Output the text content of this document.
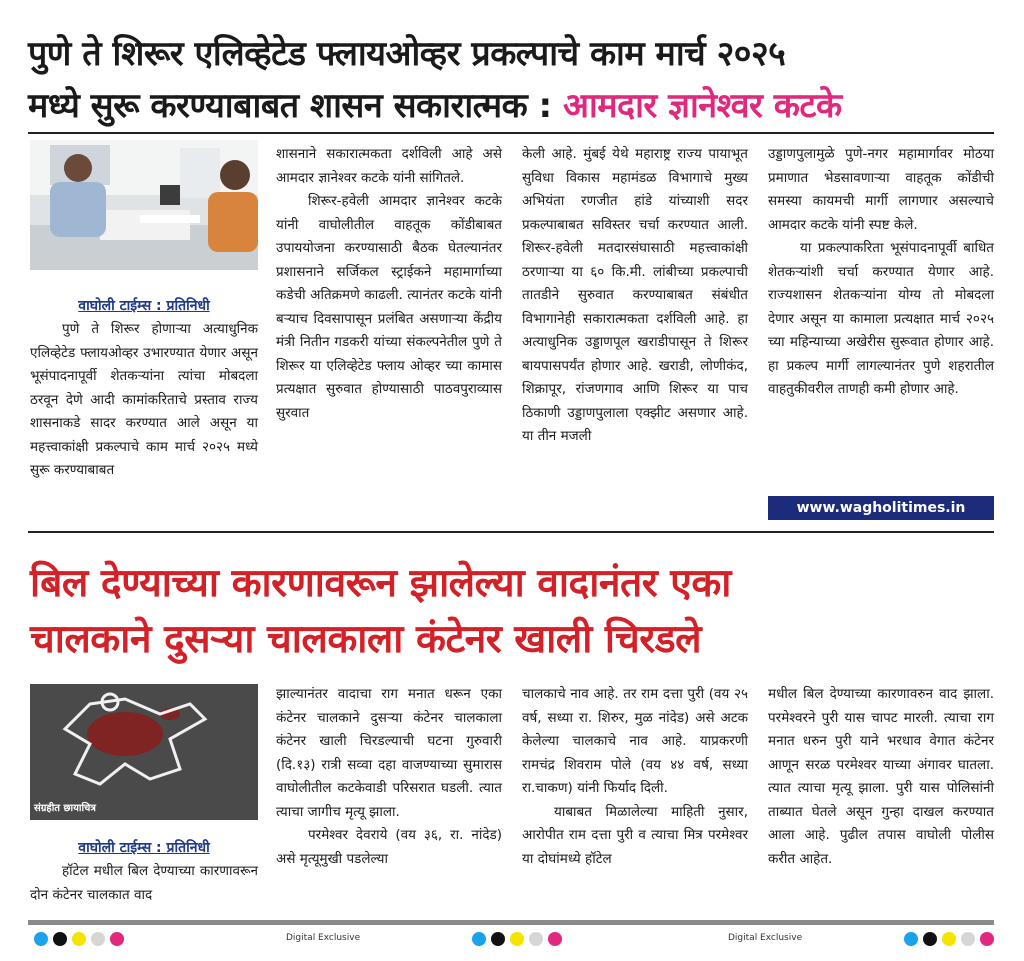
पुणे ते शिरूर एलिव्हेटेड फ्लायओव्हर प्रकल्पाचे काम मार्च २०२५
मध्ये सुरू करण्याबाबत शासन सकारात्मक : आमदार ज्ञानेश्वर कटके
वाघोली टाईम्स : प्रतिनिधी

पुणे ते शिरूर होणाऱ्या अत्याधुनिक एलिव्हेटेड फ्लायओव्हर उभारण्यात येणार असून भूसंपादनापूर्वी शेतकऱ्यांना त्यांचा मोबदला ठरवून देणे आदी कामांकरिताचे प्रस्ताव राज्य शासनाकडे सादर करण्यात आले असून या महत्त्वाकांक्षी प्रकल्पाचे काम मार्च २०२५ मध्ये सुरू करण्याबाबत

शासनाने सकारात्मकता दर्शविली आहे असे आमदार ज्ञानेश्वर कटके यांनी सांगितले.

शिरूर-हवेली आमदार ज्ञानेश्वर कटके यांनी वाघोलीतील वाहतूक कोंडीबाबत उपाययोजना करण्यासाठी बैठक घेतल्यानंतर प्रशासनाने सर्जिकल स्ट्राईकने महामार्गाच्या कडेची अतिक्रमणे काढली. त्यानंतर कटके यांनी बऱ्याच दिवसापासून प्रलंबित असणाऱ्या केंद्रीय मंत्री नितीन गडकरी यांच्या संकल्पनेतील पुणे ते शिरूर या एलिव्हेटेड फ्लाय ओव्हर च्या कामास प्रत्यक्षात सुरुवात होण्यासाठी पाठवपुराव्यास सुरवात

केली आहे. मुंबई येथे महाराष्ट्र राज्य पायाभूत सुविधा विकास महामंडळ विभागाचे मुख्य अभियंता रणजीत हांडे यांच्याशी सदर प्रकल्पाबाबत सविस्तर चर्चा करण्यात आली. शिरूर-हवेली मतदारसंघासाठी महत्त्वाकांक्षी ठरणाऱ्या या ६० कि.मी. लांबीच्या प्रकल्पाची तातडीने सुरुवात करण्याबाबत संबंधीत विभागानेही सकारात्मकता दर्शविली आहे. हा अत्याधुनिक उड्डाणपूल खराडीपासून ते शिरूर बायपासपर्यंत होणार आहे. खराडी, लोणीकंद, शिक्रापूर, रांजणगाव आणि शिरूर या पाच ठिकाणी उड्डाणपुलाला एक्झीट असणार आहे. या तीन मजली

उड्डाणपुलामुळे पुणे-नगर महामार्गावर मोठया प्रमाणात भेडसावणाऱ्या वाहतूक कोंडीची समस्या कायमची मार्गी लागणार असल्याचे आमदार कटके यांनी स्पष्ट केले.

या प्रकल्पाकरिता भूसंपादनापूर्वी बाधित शेतकऱ्यांशी चर्चा करण्यात येणार आहे. राज्यशासन शेतकऱ्यांना योग्य तो मोबदला देणार असून या कामाला प्रत्यक्षात मार्च २०२५ च्या महिन्याच्या अखेरीस सुरूवात होणार आहे. हा प्रकल्प मार्गी लागल्यानंतर पुणे शहरातील वाहतुकीवरील ताणही कमी होणार आहे.

www.wagholitimes.in
बिल देण्याच्या कारणावरून झालेल्या वादानंतर एका
चालकाने दुसऱ्या चालकाला कंटेनर खाली चिरडले
संग्रहीत छायाचित्र
वाघोली टाईम्स : प्रतिनिधी

हॉटेल मधील बिल देण्याच्या कारणावरून दोन कंटेनर चालकात वाद

झाल्यानंतर वादाचा राग मनात धरून एका कंटेनर चालकाने दुसऱ्या कंटेनर चालकाला कंटेनर खाली चिरडल्याची घटना गुरुवारी (दि.१३) रात्री सव्वा दहा वाजण्याच्या सुमारास वाघोलीतील कटकेवाडी परिसरात घडली. त्यात त्याचा जागीच मृत्यू झाला.

परमेश्वर देवराये (वय ३६, रा. नांदेड) असे मृत्यूमुखी पडलेल्या

चालकाचे नाव आहे. तर राम दत्ता पुरी (वय २५ वर्ष, सध्या रा. शिरुर, मुळ नांदेड) असे अटक केलेल्या चालकाचे नाव आहे. याप्रकरणी रामचंद्र शिवराम पोले (वय ४४ वर्ष, सध्या रा.चाकण) यांनी फिर्याद दिली.

याबाबत मिळालेल्या माहिती नुसार, आरोपीत राम दत्ता पुरी व त्याचा मित्र परमेश्वर या दोघांमध्ये हॉटेल

मधील बिल देण्याच्या कारणावरुन वाद झाला. परमेश्वरने पुरी यास चापट मारली. त्याचा राग मनात धरुन पुरी याने भरधाव वेगात कंटेनर आणून सरळ परमेश्वर याच्या अंगावर घातला. त्यात त्याचा मृत्यू झाला. पुरी यास पोलिसांनी ताब्यात घेतले असून गुन्हा दाखल करण्यात आला आहे. पुढील तपास वाघोली पोलीस करीत आहेत.

Digital Exclusive	Digital Exclusive
